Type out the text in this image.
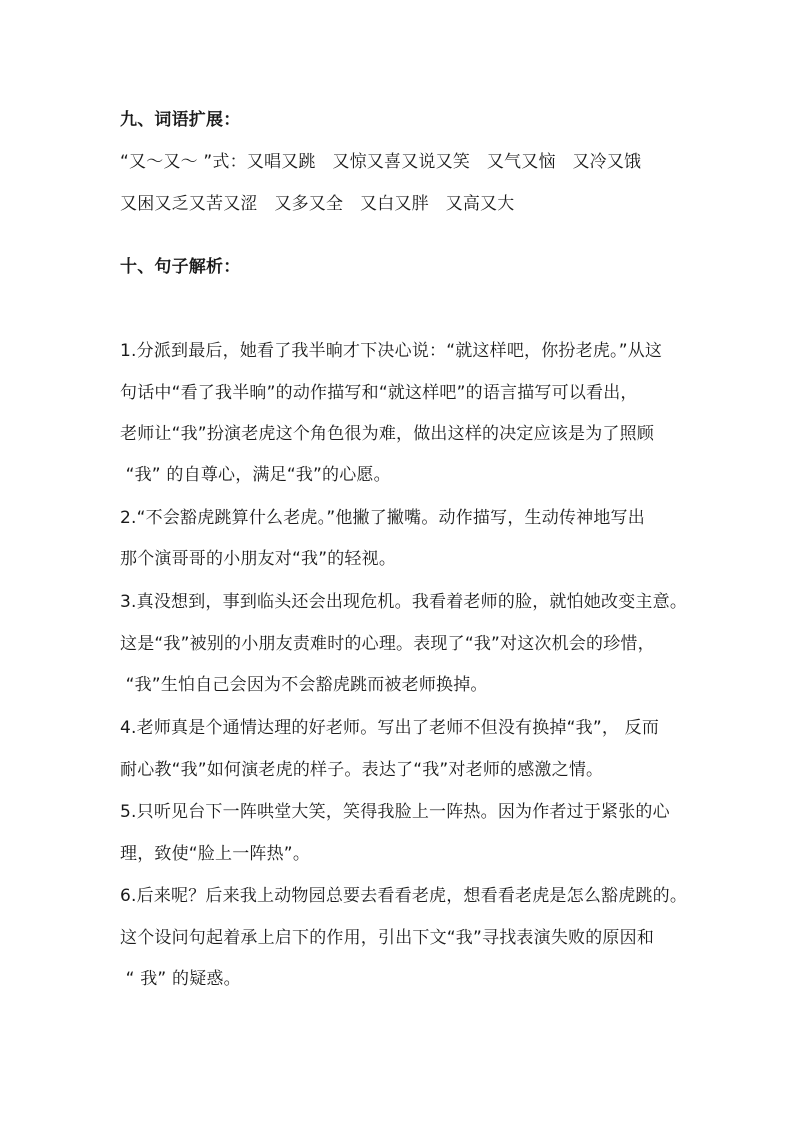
九、词语扩展：
“又～又～ ”式：又唱又跳   又惊又喜又说又笑   又气又恼   又冷又饿
又困又乏又苦又涩   又多又全   又白又胖   又高又大
十、句子解析：
1.分派到最后，她看了我半晌才下决心说：“就这样吧，你扮老虎。”从这
句话中“看了我半晌”的动作描写和“就这样吧”的语言描写可以看出，
老师让“我”扮演老虎这个角色很为难，做出这样的决定应该是为了照顾
“我” 的自尊心，满足“我”的心愿。
2.“不会豁虎跳算什么老虎。”他撇了撇嘴。动作描写，生动传神地写出
那个演哥哥的小朋友对“我”的轻视。
3.真没想到，事到临头还会出现危机。我看着老师的脸，就怕她改变主意。
这是“我”被别的小朋友责难时的心理。表现了“我”对这次机会的珍惜，
“我”生怕自己会因为不会豁虎跳而被老师换掉。
4.老师真是个通情达理的好老师。写出了老师不但没有换掉“我”， 反而
耐心教“我”如何演老虎的样子。表达了“我”对老师的感激之情。
5.只听见台下一阵哄堂大笑，笑得我脸上一阵热。因为作者过于紧张的心
理，致使“脸上一阵热”。
6.后来呢？后来我上动物园总要去看看老虎，想看看老虎是怎么豁虎跳的。
这个设问句起着承上启下的作用，引出下文“我”寻找表演失败的原因和
“ 我” 的疑惑。
